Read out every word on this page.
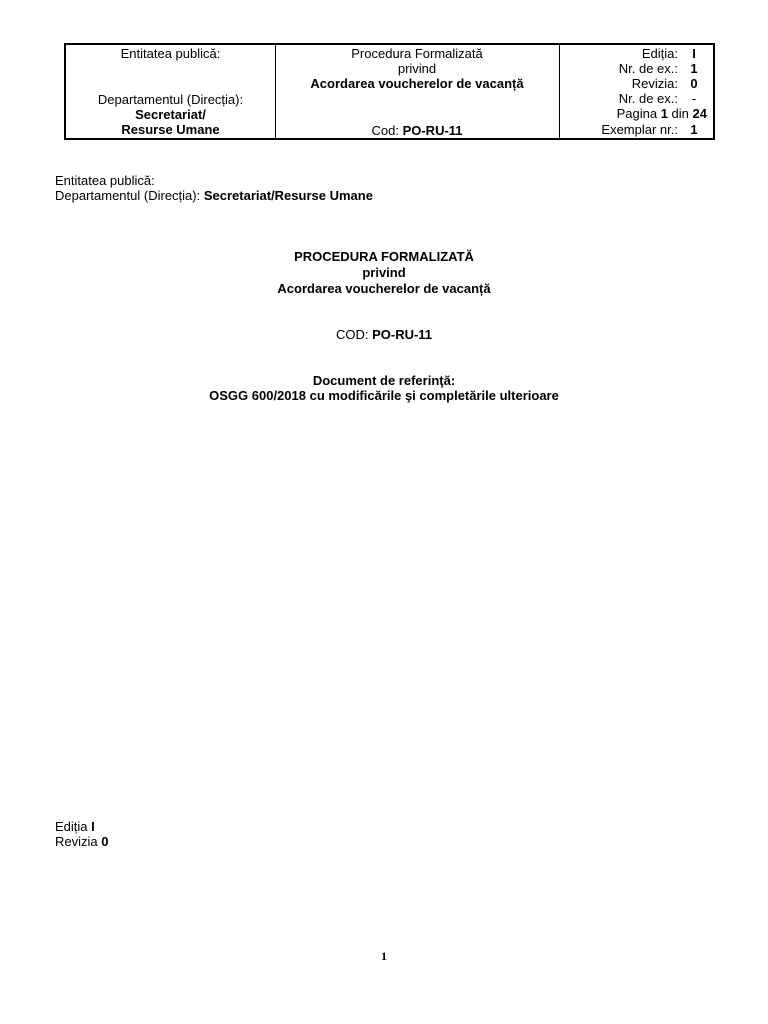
Entitatea publică:
Departamentul (Direcția):
Secretariat/
Resurse Umane
Procedura Formalizată
privind
Acordarea voucherelor de vacanță
Cod: PO-RU-11
Ediția:	I
Nr. de ex.: 1
Revizia: 0
Nr. de ex.:	-
Pagina 1 din 24
Exemplar nr.: 1
Entitatea publică:
Departamentul (Direcția): Secretariat/Resurse Umane
PROCEDURA FORMALIZATĂ
privind
Acordarea voucherelor de vacanță
COD: PO-RU-11
Document de referinţă:
OSGG 600/2018 cu modificările şi completările ulterioare
Ediția I
Revizia 0
1
